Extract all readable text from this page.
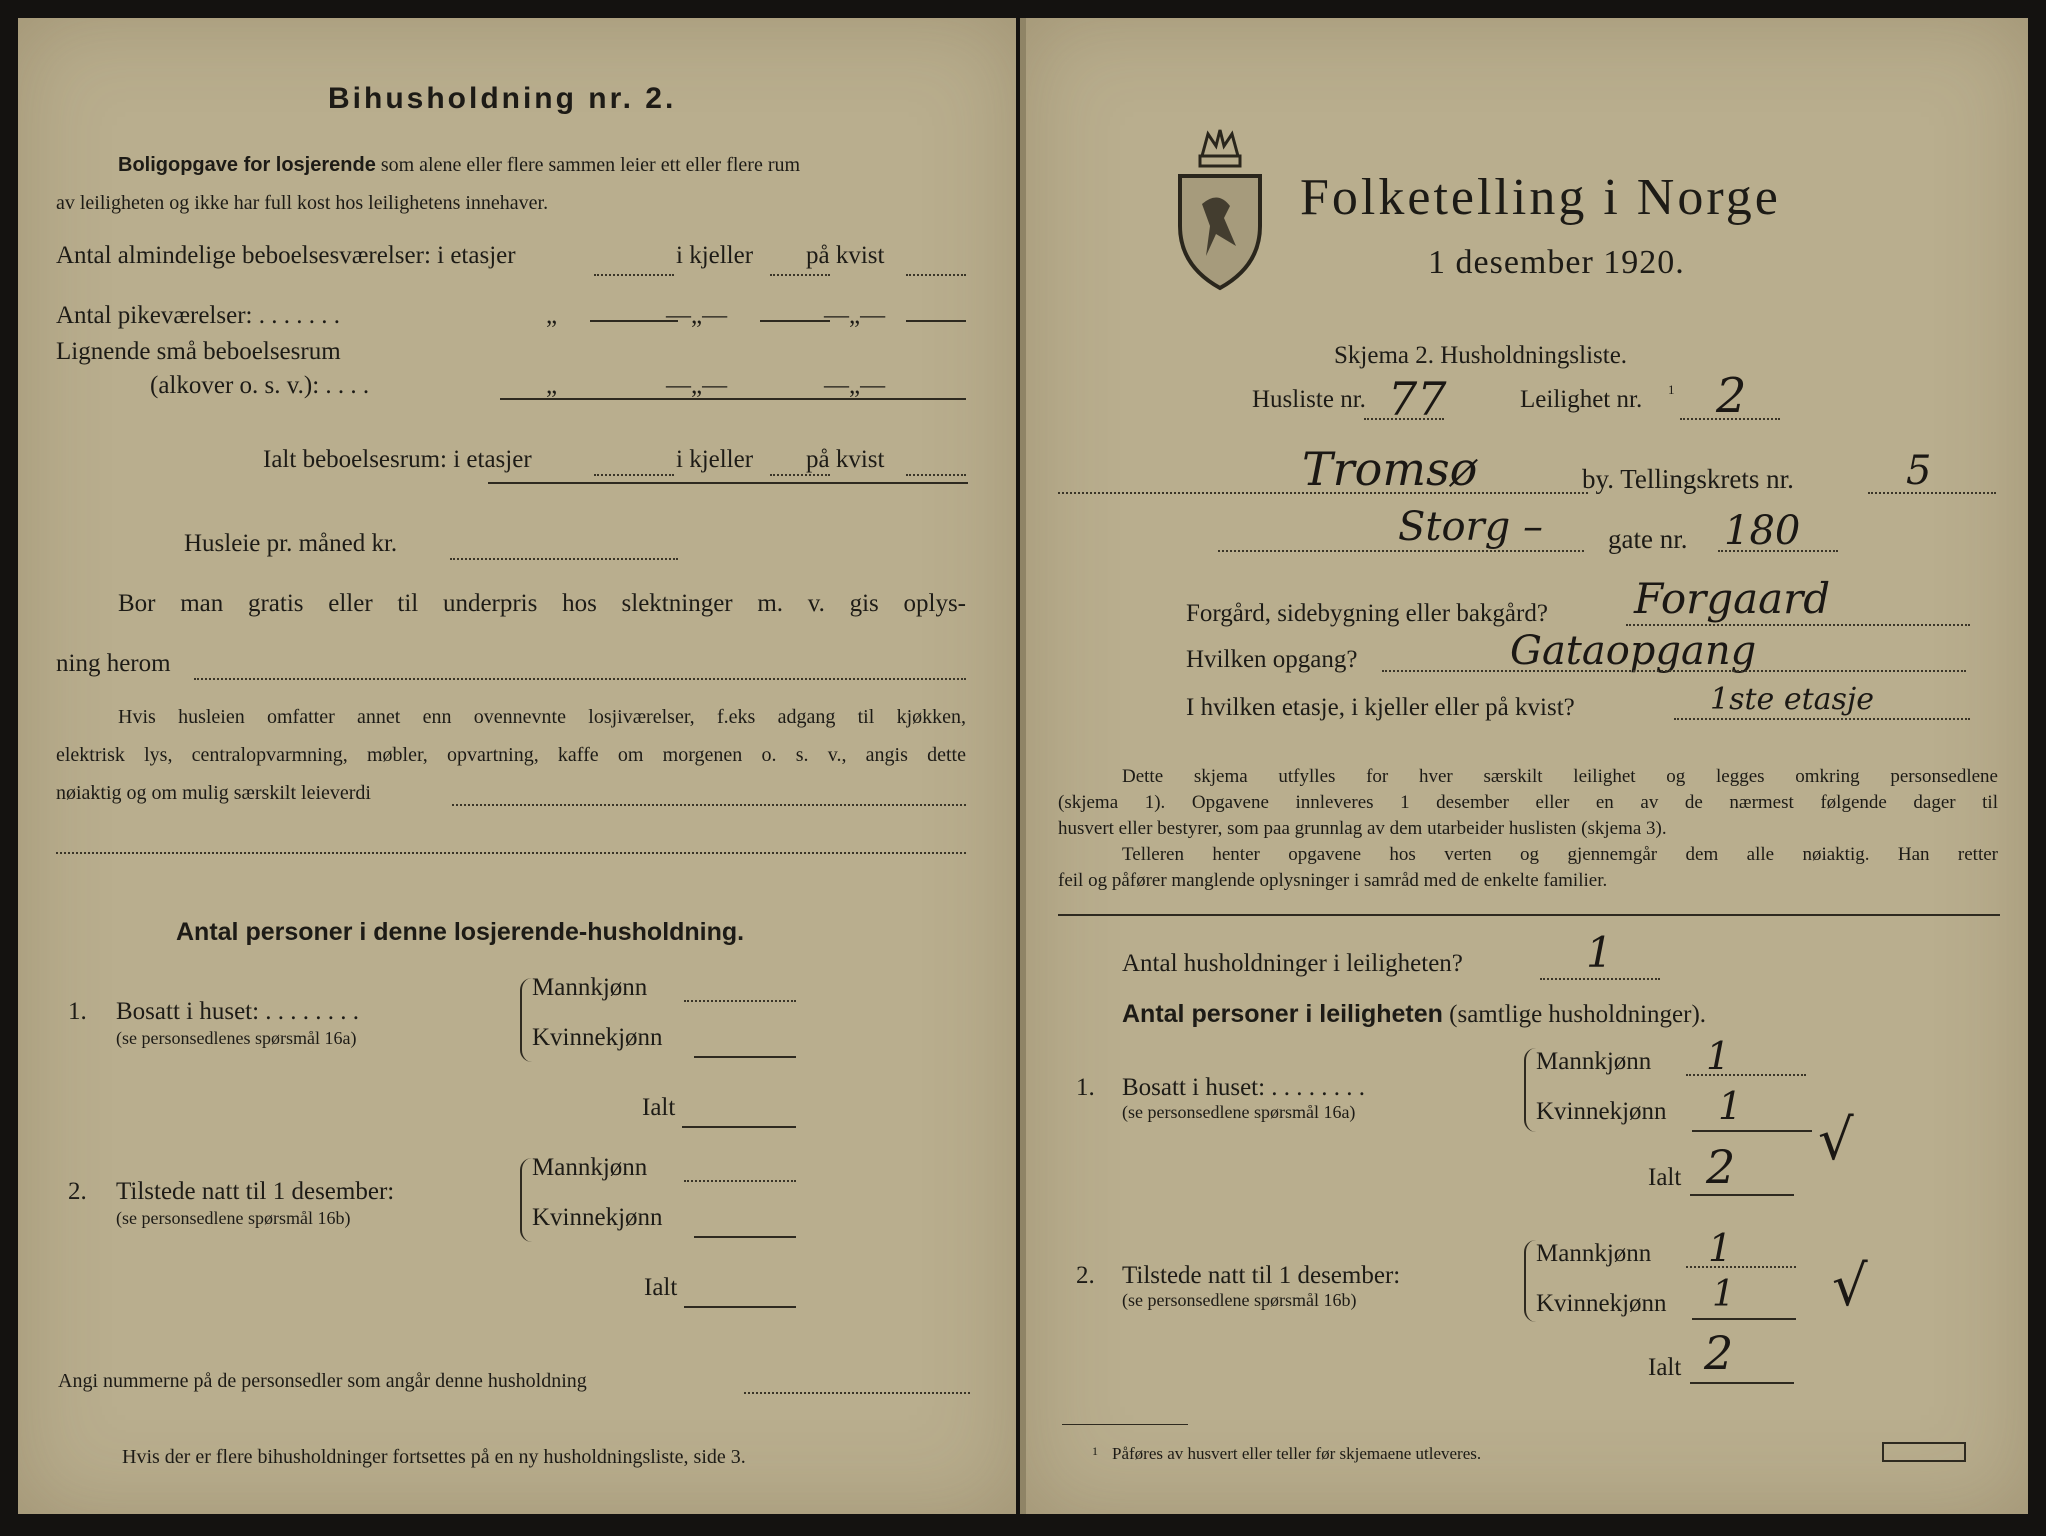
Bihusholdning nr. 2.
Boligopgave for losjerende som alene eller flere sammen leier ett eller flere rum
av leiligheten og ikke har full kost hos leilighetens innehaver.
Antal almindelige beboelsesværelser: i etasjer	i kjeller på kvist
Antal pikeværelser: . . . . . . .	„	—„—	—„—
Lignende små beboelsesrum
(alkover o. s. v.): . . . .	„	—„—	—„—
Ialt beboelsesrum: i etasjer	i kjeller på kvist
Husleie pr. måned kr.
Bor man gratis eller til underpris hos slektninger m. v. gis oplys-
ning herom
Hvis husleien omfatter annet enn ovennevnte losjiværelser, f.eks adgang til kjøkken,
elektrisk lys, centralopvarmning, møbler, opvartning, kaffe om morgenen o. s. v., angis dette
nøiaktig og om mulig særskilt leieverdi
Antal personer i denne losjerende-husholdning.
1. Bosatt i huset: . . . . . . . .
(se personsedlenes spørsmål 16a)
Mannkjønn
Kvinnekjønn
Ialt
2. Tilstede natt til 1 desember:
(se personsedlene spørsmål 16b)
Mannkjønn
Kvinnekjønn
Ialt
Angi nummerne på de personsedler som angår denne husholdning
Hvis der er flere bihusholdninger fortsettes på en ny husholdningsliste, side 3.
Folketelling i Norge
1 desember 1920.
Skjema 2. Husholdningsliste.
Husliste nr. 77	Leilighet nr. 1 2
Tromsø	by. Tellingskrets nr.	5
Storg – gate nr. 180
Forgård, sidebygning eller bakgård? Forgaard
Hvilken opgang?	Gataopgang
I hvilken etasje, i kjeller eller på kvist?	1ste etasje
Dette skjema utfylles for hver særskilt leilighet og legges omkring personsedlene
(skjema 1). Opgavene innleveres 1 desember eller en av de nærmest følgende dager til
husvert eller bestyrer, som paa grunnlag av dem utarbeider huslisten (skjema 3).
Telleren henter opgavene hos verten og gjennemgår dem alle nøiaktig. Han retter
feil og påfører manglende oplysninger i samråd med de enkelte familier.
Antal husholdninger i leiligheten?	1
Antal personer i leiligheten (samtlige husholdninger).
1. Bosatt i huset: . . . . . . . .
(se personsedlene spørsmål 16a)
Mannkjønn 1
Kvinnekjønn 1
Ialt 2 √
2. Tilstede natt til 1 desember:
(se personsedlene spørsmål 16b)
Mannkjønn 1
Kvinnekjønn 1
Ialt 2
√
1 Påføres av husvert eller teller før skjemaene utleveres.
